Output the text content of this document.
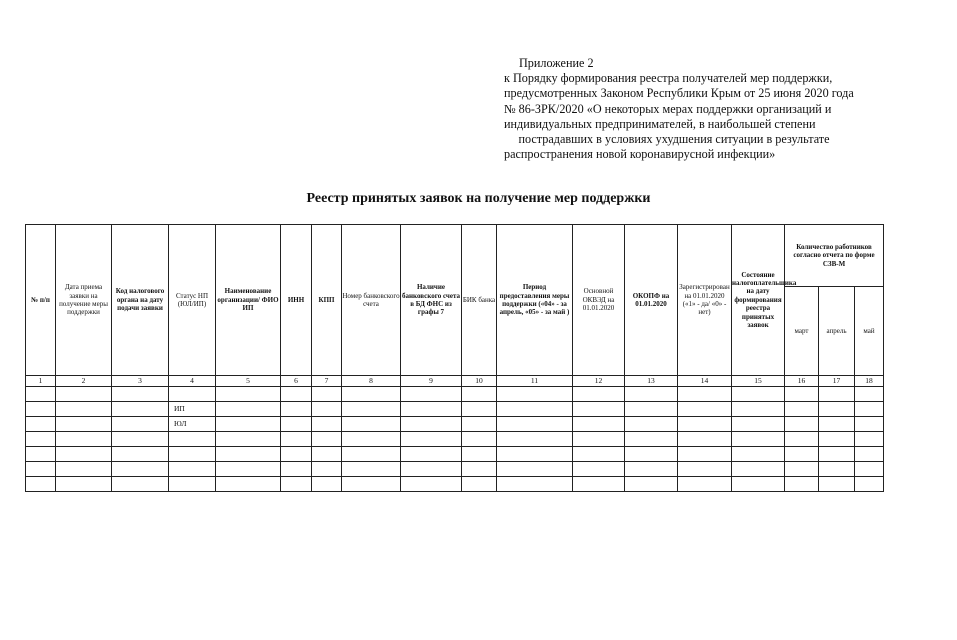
Приложение 2
к Порядку формирования реестра получателей мер поддержки,
предусмотренных Законом Республики Крым от 25 июня 2020 года
№ 86-ЗРК/2020 «О некоторых мерах поддержки организаций и
индивидуальных предпринимателей, в наибольшей степени
пострадавших в условиях ухудшения ситуации в результате
распространения новой коронавирусной инфекции»
Реестр принятых заявок на получение мер поддержки
№ п/п	Дата приема заявки на получение меры поддержки	Код налогового органа на дату подачи заявки	Статус НП (ЮЛ/ИП)	Наименование организации/ ФИО ИП	ИНН	КПП	Номер банковского счета	Наличие банковского счета в БД ФНС из графы 7	БИК банка	Период предоставления меры поддержки («04» - за апрель, «05» - за май )	Основной ОКВЭД на 01.01.2020	ОКОПФ на 01.01.2020	Зарегистрирован на 01.01.2020 («1» - да/ «0» - нет)	Состояние налогоплательщика на дату формирования реестра принятых заявок	Количество работников согласно отчета по форме СЗВ-М		
															март	апрель	май
1	2	3	4	5	6	7	8	9	10	11	12	13	14	15	16	17	18

			ИП														
			ЮЛ														
